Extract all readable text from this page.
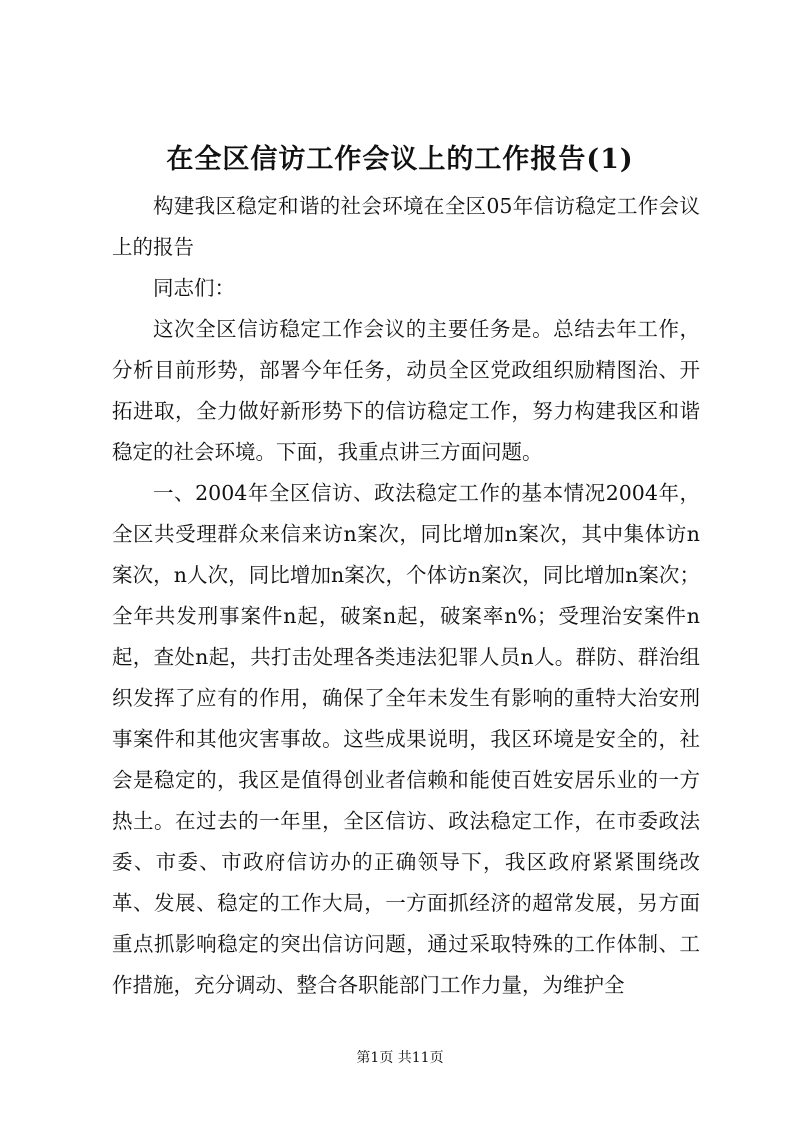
在全区信访工作会议上的工作报告(1)

构建我区稳定和谐的社会环境在全区05年信访稳定工作会议上的报告

同志们：

这次全区信访稳定工作会议的主要任务是。总结去年工作，分析目前形势，部署今年任务，动员全区党政组织励精图治、开拓进取，全力做好新形势下的信访稳定工作，努力构建我区和谐稳定的社会环境。下面，我重点讲三方面问题。

一、2004年全区信访、政法稳定工作的基本情况2004年，全区共受理群众来信来访n案次，同比增加n案次，其中集体访n案次，n人次，同比增加n案次，个体访n案次，同比增加n案次；全年共发刑事案件n起，破案n起，破案率n%；受理治安案件n起，查处n起，共打击处理各类违法犯罪人员n人。群防、群治组织发挥了应有的作用，确保了全年未发生有影响的重特大治安刑事案件和其他灾害事故。这些成果说明，我区环境是安全的，社会是稳定的，我区是值得创业者信赖和能使百姓安居乐业的一方热土。在过去的一年里，全区信访、政法稳定工作，在市委政法委、市委、市政府信访办的正确领导下，我区政府紧紧围绕改革、发展、稳定的工作大局，一方面抓经济的超常发展，另方面重点抓影响稳定的突出信访问题，通过采取特殊的工作体制、工作措施，充分调动、整合各职能部门工作力量，为维护全

第1页 共11页
